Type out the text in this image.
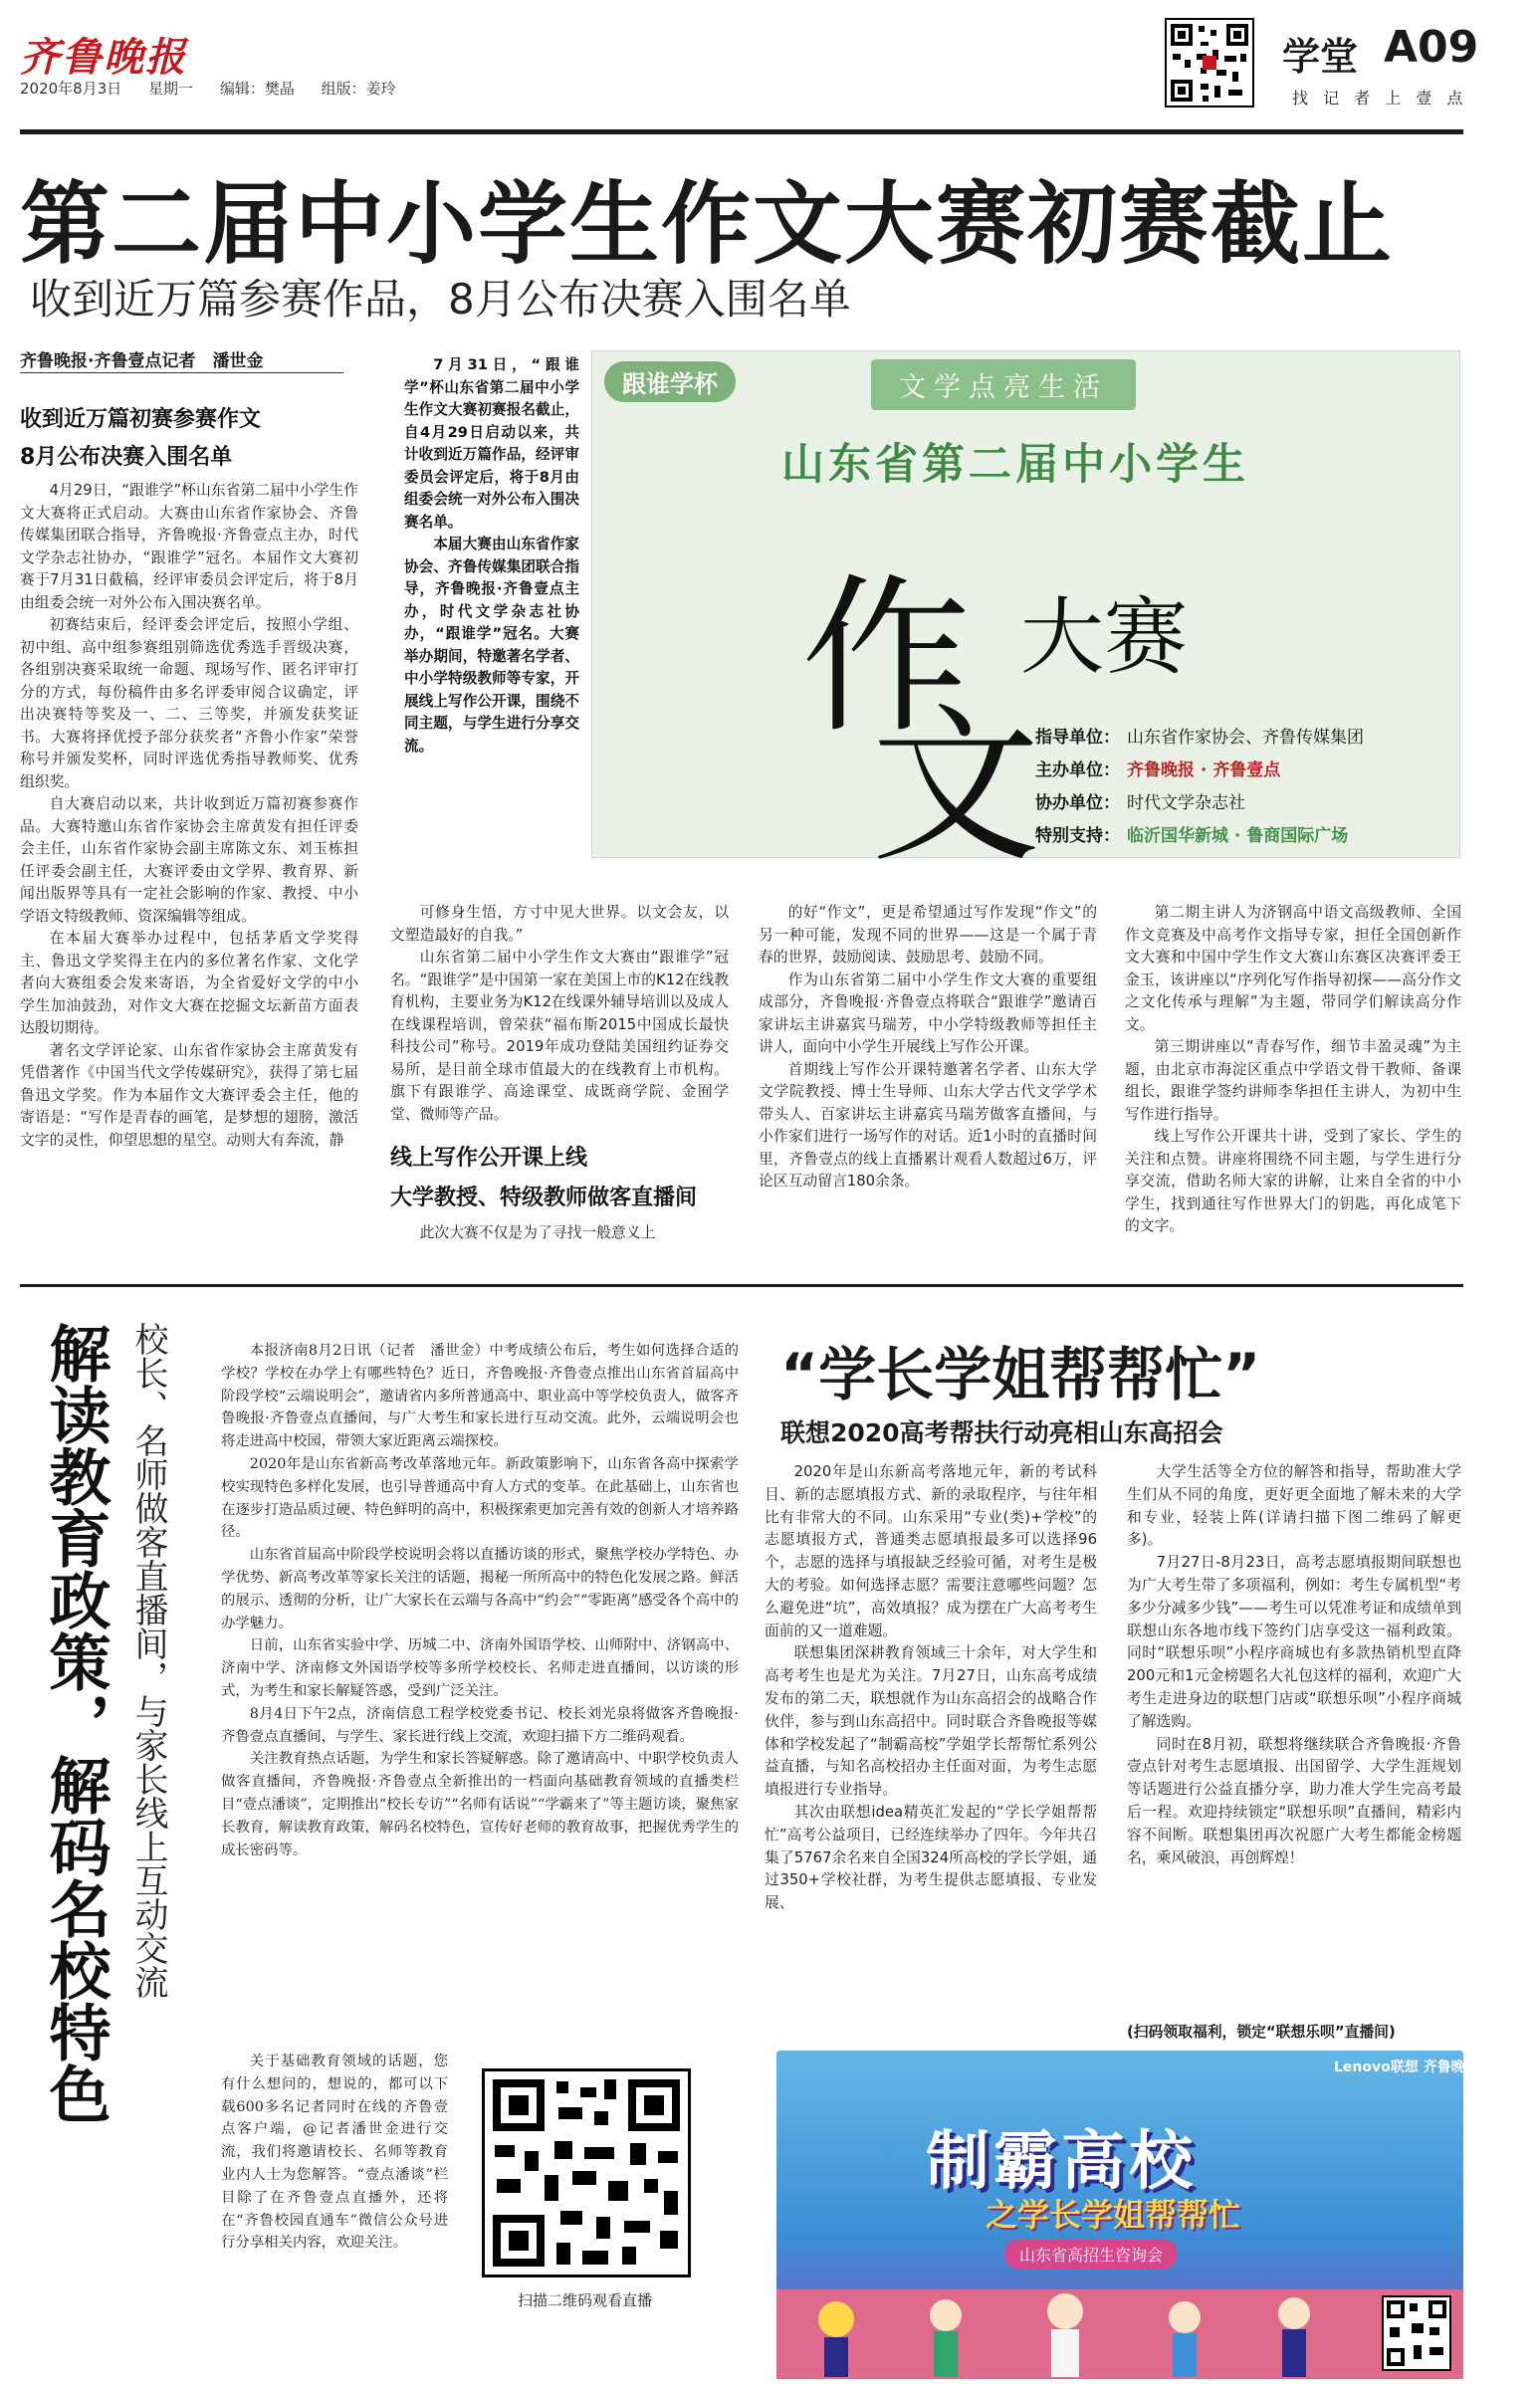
齐鲁晚报
2020年8月3日 星期一 编辑：樊晶 组版：姜玲
学堂 A09
找 记 者 上 壹 点
第二届中小学生作文大赛初赛截止
收到近万篇参赛作品，8月公布决赛入围名单
齐鲁晚报·齐鲁壹点记者　潘世金
收到近万篇初赛参赛作文
8月公布决赛入围名单

4月29日，“跟谁学”杯山东省第二届中小学生作文大赛将正式启动。大赛由山东省作家协会、齐鲁传媒集团联合指导，齐鲁晚报·齐鲁壹点主办，时代文学杂志社协办，“跟谁学”冠名。本届作文大赛初赛于7月31日截稿，经评审委员会评定后，将于8月由组委会统一对外公布入围决赛名单。

初赛结束后，经评委会评定后，按照小学组、初中组、高中组参赛组别筛选优秀选手晋级决赛，各组别决赛采取统一命题、现场写作、匿名评审打分的方式，每份稿件由多名评委审阅合议确定，评出决赛特等奖及一、二、三等奖，并颁发获奖证书。大赛将择优授予部分获奖者“齐鲁小作家”荣誉称号并颁发奖杯，同时评选优秀指导教师奖、优秀组织奖。

自大赛启动以来，共计收到近万篇初赛参赛作品。大赛特邀山东省作家协会主席黄发有担任评委会主任，山东省作家协会副主席陈文东、刘玉栋担任评委会副主任，大赛评委由文学界、教育界、新闻出版界等具有一定社会影响的作家、教授、中小学语文特级教师、资深编辑等组成。

在本届大赛举办过程中，包括茅盾文学奖得主、鲁迅文学奖得主在内的多位著名作家、文化学者向大赛组委会发来寄语，为全省爱好文学的中小学生加油鼓劲，对作文大赛在挖掘文坛新苗方面表达殷切期待。

著名文学评论家、山东省作家协会主席黄发有凭借著作《中国当代文学传媒研究》，获得了第七届鲁迅文学奖。作为本届作文大赛评委会主任，他的寄语是：“写作是青春的画笔，是梦想的翅膀，激活文字的灵性，仰望思想的星空。动则大有奔流，静

7月31日，“跟谁学”杯山东省第二届中小学生作文大赛初赛报名截止，自4月29日启动以来，共计收到近万篇作品，经评审委员会评定后，将于8月由组委会统一对外公布入围决赛名单。

本届大赛由山东省作家协会、齐鲁传媒集团联合指导，齐鲁晚报·齐鲁壹点主办，时代文学杂志社协办，“跟谁学”冠名。大赛举办期间，特邀著名学者、中小学特级教师等专家，开展线上写作公开课，围绕不同主题，与学生进行分享交流。

跟谁学杯	文学点亮生活
山东省第二届中小学生
作
文
大赛
指导单位： 山东省作家协会、齐鲁传媒集团
主办单位： 齐鲁晚报 · 齐鲁壹点
协办单位： 时代文学杂志社
特别支持： 临沂国华新城 · 鲁商国际广场

可修身生悟，方寸中见大世界。以文会友，以文塑造最好的自我。”

山东省第二届中小学生作文大赛由“跟谁学”冠名。“跟谁学”是中国第一家在美国上市的K12在线教育机构，主要业务为K12在线课外辅导培训以及成人在线课程培训，曾荣获“福布斯2015中国成长最快科技公司”称号。2019年成功登陆美国纽约证券交易所，是目前全球市值最大的在线教育上市机构。旗下有跟谁学、高途课堂、成既商学院、金囿学堂、微师等产品。

线上写作公开课上线
大学教授、特级教师做客直播间

此次大赛不仅是为了寻找一般意义上

的好“作文”，更是希望通过写作发现“作文”的另一种可能，发现不同的世界——这是一个属于青春的世界，鼓励阅读、鼓励思考、鼓励不同。

作为山东省第二届中小学生作文大赛的重要组成部分，齐鲁晚报·齐鲁壹点将联合“跟谁学”邀请百家讲坛主讲嘉宾马瑞芳，中小学特级教师等担任主讲人，面向中小学生开展线上写作公开课。

首期线上写作公开课特邀著名学者、山东大学文学院教授、博士生导师、山东大学古代文学学术带头人、百家讲坛主讲嘉宾马瑞芳做客直播间，与小作家们进行一场写作的对话。近1小时的直播时间里，齐鲁壹点的线上直播累计观看人数超过6万，评论区互动留言180余条。

第二期主讲人为济钢高中语文高级教师、全国作文竞赛及中高考作文指导专家，担任全国创新作文大赛和中国中学生作文大赛山东赛区决赛评委王金玉，该讲座以“序列化写作指导初探——高分作文之文化传承与理解”为主题，带同学们解读高分作文。

第三期讲座以“青春写作，细节丰盈灵魂”为主题，由北京市海淀区重点中学语文骨干教师、备课组长，跟谁学签约讲师李华担任主讲人，为初中生写作进行指导。

线上写作公开课共十讲，受到了家长、学生的关注和点赞。讲座将围绕不同主题，与学生进行分享交流，借助名师大家的讲解，让来自全省的中小学生，找到通往写作世界大门的钥匙，再化成笔下的文字。

解读教育政策，解码名校特色 校长、名师做客直播间，与家长线上互动交流	本报济南8月2日讯（记者　潘世金）中考成绩公布后，考生如何选择合适的学校？学校在办学上有哪些特色？近日，齐鲁晚报·齐鲁壹点推出山东省首届高中阶段学校“云端说明会”，邀请省内多所普通高中、职业高中等学校负责人，做客齐鲁晚报·齐鲁壹点直播间，与广大考生和家长进行互动交流。此外，云端说明会也将走进高中校园，带领大家近距离云端探校。

2020年是山东省新高考改革落地元年。新政策影响下，山东省各高中探索学校实现特色多样化发展，也引导普通高中育人方式的变革。在此基础上，山东省也在逐步打造品质过硬、特色鲜明的高中，积极探索更加完善有效的创新人才培养路径。

山东省首届高中阶段学校说明会将以直播访谈的形式，聚焦学校办学特色、办学优势、新高考改革等家长关注的话题，揭秘一所所高中的特色化发展之路。鲜活的展示、透彻的分析，让广大家长在云端与各高中“约会”“零距离”感受各个高中的办学魅力。

日前，山东省实验中学、历城二中、济南外国语学校、山师附中、济钢高中、济南中学、济南修文外国语学校等多所学校校长、名师走进直播间，以访谈的形式，为考生和家长解疑答惑，受到广泛关注。

8月4日下午2点，济南信息工程学校党委书记、校长刘光泉将做客齐鲁晚报·齐鲁壹点直播间，与学生、家长进行线上交流，欢迎扫描下方二维码观看。

关注教育热点话题，为学生和家长答疑解惑。除了邀请高中、中职学校负责人做客直播间，齐鲁晚报·齐鲁壹点全新推出的一档面向基础教育领域的直播类栏目“壹点潘谈”，定期推出“校长专访”“名师有话说”“学霸来了”等主题访谈，聚焦家长教育，解读教育政策，解码名校特色，宣传好老师的教育故事，把握优秀学生的成长密码等。

关于基础教育领域的话题，您有什么想问的，想说的，都可以下载600多名记者同时在线的齐鲁壹点客户端，@记者潘世金进行交流，我们将邀请校长、名师等教育业内人士为您解答。“壹点潘谈”栏目除了在齐鲁壹点直播外，还将在“齐鲁校园直通车”微信公众号进行分享相关内容，欢迎关注。

扫描二维码观看直播
“学长学姐帮帮忙”
联想2020高考帮扶行动亮相山东高招会

2020年是山东新高考落地元年，新的考试科目、新的志愿填报方式、新的录取程序，与往年相比有非常大的不同。山东采用“专业(类)+学校”的志愿填报方式，普通类志愿填报最多可以选择96个，志愿的选择与填报缺乏经验可循，对考生是极大的考验。如何选择志愿？需要注意哪些问题？怎么避免进“坑”，高效填报？成为摆在广大高考考生面前的又一道难题。

联想集团深耕教育领域三十余年，对大学生和高考考生也是尤为关注。7月27日，山东高考成绩发布的第二天，联想就作为山东高招会的战略合作伙伴，参与到山东高招中。同时联合齐鲁晚报等媒体和学校发起了“制霸高校”学姐学长帮帮忙系列公益直播，与知名高校招办主任面对面，为考生志愿填报进行专业指导。

其次由联想idea精英汇发起的“学长学姐帮帮忙”高考公益项目，已经连续举办了四年。今年共召集了5767余名来自全国324所高校的学长学姐，通过350+学校社群，为考生提供志愿填报、专业发展、

大学生活等全方位的解答和指导，帮助准大学生们从不同的角度，更好更全面地了解未来的大学和专业，轻装上阵(详请扫描下图二维码了解更多)。

7月27日-8月23日，高考志愿填报期间联想也为广大考生带了多项福利，例如：考生专属机型“考多少分减多少钱”——考生可以凭准考证和成绩单到联想山东各地市线下签约门店享受这一福利政策。同时“联想乐呗”小程序商城也有多款热销机型直降200元和1元金榜题名大礼包这样的福利，欢迎广大考生走进身边的联想门店或“联想乐呗”小程序商城了解选购。

同时在8月初，联想将继续联合齐鲁晚报·齐鲁壹点针对考生志愿填报、出国留学、大学生涯规划等话题进行公益直播分享，助力准大学生完高考最后一程。欢迎持续锁定“联想乐呗”直播间，精彩内容不间断。联想集团再次祝愿广大考生都能金榜题名，乘风破浪，再创辉煌！

(扫码领取福利，锁定“联想乐呗”直播间)
Lenovo联想 齐鲁晚报 齐鲁壹点
制霸高校
之学长学姐帮帮忙
山东省高招生咨询会
